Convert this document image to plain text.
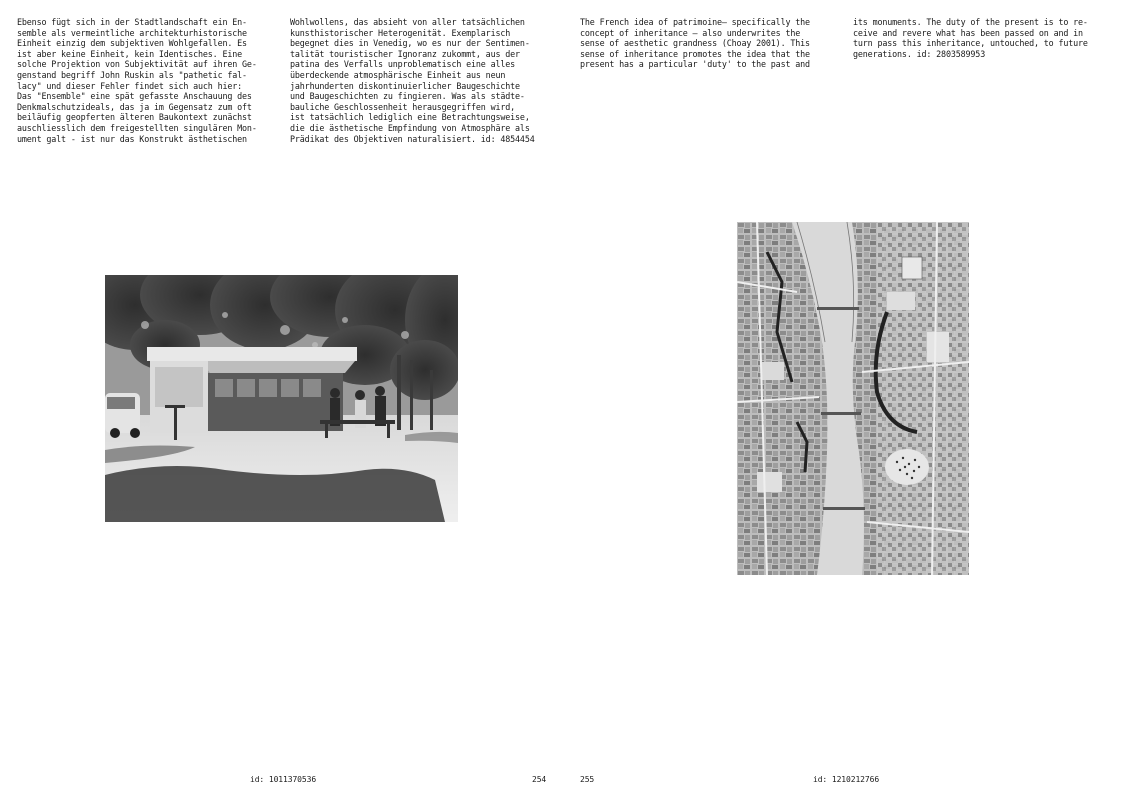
Ebenso fügt sich in der Stadtlandschaft ein En-
semble als vermeintliche architekturhistorische
Einheit einzig dem subjektiven Wohlgefallen. Es
ist aber keine Einheit, kein Identisches. Eine
solche Projektion von Subjektivität auf ihren Ge-
genstand begriff John Ruskin als "pathetic fal-
lacy" und dieser Fehler findet sich auch hier:
Das "Ensemble" eine spät gefasste Anschauung des
Denkmalschutzideals, das ja im Gegensatz zum oft
beiläufig geopferten älteren Baukontext zunächst
auschliesslich dem freigestellten singulären Mon-
ument galt - ist nur das Konstrukt ästhetischen
Wohlwollens, das absieht von aller tatsächlichen
kunsthistorischer Heterogenität. Exemplarisch
begegnet dies in Venedig, wo es nur der Sentimen-
talität touristischer Ignoranz zukommt, aus der
patina des Verfalls unproblematisch eine alles
überdeckende atmosphärische Einheit aus neun
jahrhunderten diskontinuierlicher Baugeschichte
und Baugeschichten zu fingieren. Was als städte-
bauliche Geschlossenheit herausgegriffen wird,
ist tatsächlich lediglich eine Betrachtungsweise,
die die ästhetische Empfindung von Atmosphäre als
Prädikat des Objektiven naturalisiert. id: 4854454
id: 1011370536	254
The French idea of patrimoine— specifically the
concept of inheritance – also underwrites the
sense of aesthetic grandness (Choay 2001). This
sense of inheritance promotes the idea that the
present has a particular 'duty' to the past and
its monuments. The duty of the present is to re-
ceive and revere what has been passed on and in
turn pass this inheritance, untouched, to future
generations. id: 2803589953
255	id: 1210212766
